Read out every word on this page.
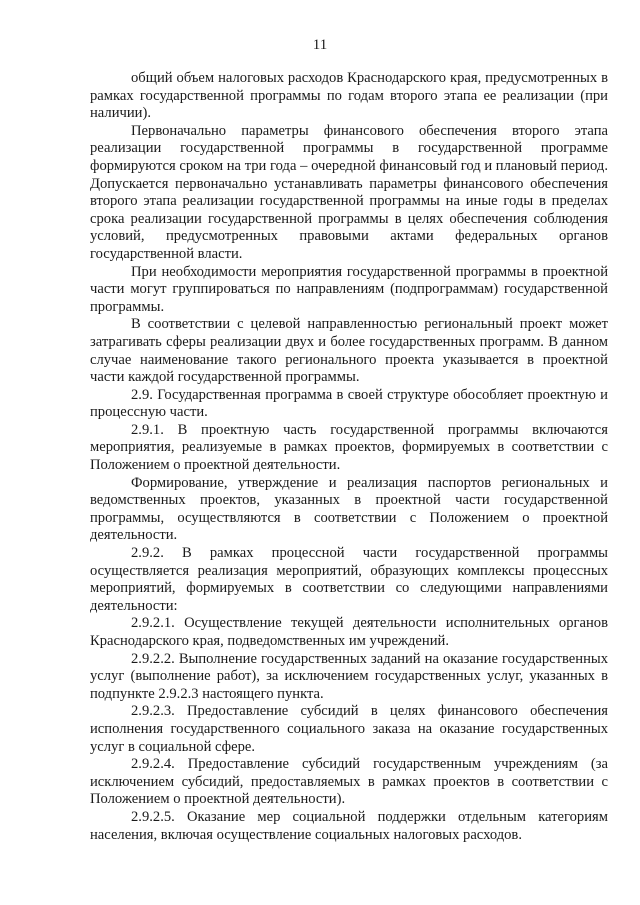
11

общий объем налоговых расходов Краснодарского края, предусмотренных в рамках государственной программы по годам второго этапа ее реализации (при наличии).

Первоначально параметры финансового обеспечения второго этапа реализации государственной программы в государственной программе формируются сроком на три года – очередной финансовый год и плановый период. Допускается первоначально устанавливать параметры финансового обеспечения второго этапа реализации государственной программы на иные годы в пределах срока реализации государственной программы в целях обеспечения соблюдения условий, предусмотренных правовыми актами федеральных органов государственной власти.

При необходимости мероприятия государственной программы в проектной части могут группироваться по направлениям (подпрограммам) государственной программы.

В соответствии с целевой направленностью региональный проект может затрагивать сферы реализации двух и более государственных программ. В данном случае наименование такого регионального проекта указывается в проектной части каждой государственной программы.

2.9. Государственная программа в своей структуре обособляет проектную и процессную части.

2.9.1. В проектную часть государственной программы включаются мероприятия, реализуемые в рамках проектов, формируемых в соответствии с Положением о проектной деятельности.

Формирование, утверждение и реализация паспортов региональных и ведомственных проектов, указанных в проектной части государственной программы, осуществляются в соответствии с Положением о проектной деятельности.

2.9.2. В рамках процессной части государственной программы осуществляется реализация мероприятий, образующих комплексы процессных мероприятий, формируемых в соответствии со следующими направлениями деятельности:

2.9.2.1. Осуществление текущей деятельности исполнительных органов Краснодарского края, подведомственных им учреждений.

2.9.2.2. Выполнение государственных заданий на оказание государственных услуг (выполнение работ), за исключением государственных услуг, указанных в подпункте 2.9.2.3 настоящего пункта.

2.9.2.3. Предоставление субсидий в целях финансового обеспечения исполнения государственного социального заказа на оказание государственных услуг в социальной сфере.

2.9.2.4. Предоставление субсидий государственным учреждениям (за исключением субсидий, предоставляемых в рамках проектов в соответствии с Положением о проектной деятельности).

2.9.2.5. Оказание мер социальной поддержки отдельным категориям населения, включая осуществление социальных налоговых расходов.
